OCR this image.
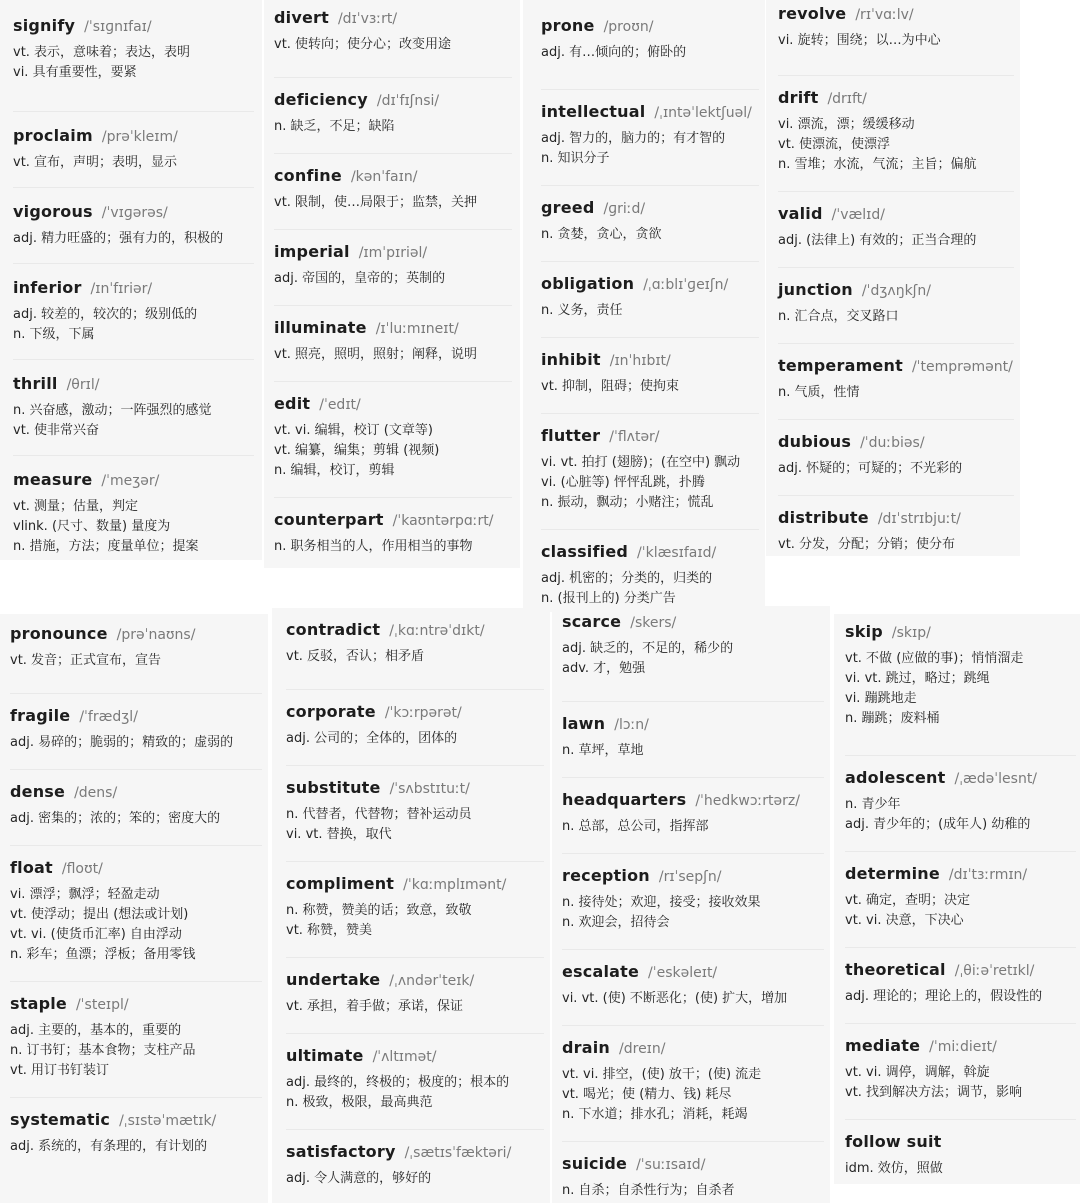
signify /ˈsɪɡnɪfaɪ/
vt. 表示，意味着；表达，表明
vi. 具有重要性，要紧
proclaim /prəˈkleɪm/
vt. 宣布，声明；表明，显示
vigorous /ˈvɪɡərəs/
adj. 精力旺盛的；强有力的，积极的
inferior /ɪnˈfɪriər/
adj. 较差的，较次的；级别低的
n. 下级，下属
thrill /θrɪl/
n. 兴奋感，激动；一阵强烈的感觉
vt. 使非常兴奋
measure /ˈmeʒər/
vt. 测量；估量，判定
vlink. (尺寸、数量) 量度为
n. 措施，方法；度量单位；提案
divert /dɪˈvɜːrt/
vt. 使转向；使分心；改变用途
deficiency /dɪˈfɪʃnsi/
n. 缺乏，不足；缺陷
confine /kənˈfaɪn/
vt. 限制，使…局限于；监禁，关押
imperial /ɪmˈpɪriəl/
adj. 帝国的，皇帝的；英制的
illuminate /ɪˈluːmɪneɪt/
vt. 照亮，照明，照射；阐释，说明
edit /ˈedɪt/
vt. vi. 编辑，校订 (文章等)
vt. 编纂，编集；剪辑 (视频)
n. 编辑，校订，剪辑
counterpart /ˈkaʊntərpɑːrt/
n. 职务相当的人，作用相当的事物
prone /proʊn/
adj. 有…倾向的；俯卧的
intellectual /ˌɪntəˈlektʃuəl/
adj. 智力的，脑力的；有才智的
n. 知识分子
greed /ɡriːd/
n. 贪婪，贪心，贪欲
obligation /ˌɑːblɪˈɡeɪʃn/
n. 义务，责任
inhibit /ɪnˈhɪbɪt/
vt. 抑制，阻碍；使拘束
flutter /ˈflʌtər/
vi. vt. 拍打 (翅膀)；(在空中) 飘动
vi. (心脏等) 怦怦乱跳，扑腾
n. 振动，飘动；小赌注；慌乱
classified /ˈklæsɪfaɪd/
adj. 机密的；分类的，归类的
n. (报刊上的) 分类广告
revolve /rɪˈvɑːlv/
vi. 旋转；围绕；以…为中心
drift /drɪft/
vi. 漂流，漂；缓缓移动
vt. 使漂流，使漂浮
n. 雪堆；水流，气流；主旨；偏航
valid /ˈvælɪd/
adj. (法律上) 有效的；正当合理的
junction /ˈdʒʌŋkʃn/
n. 汇合点，交叉路口
temperament /ˈtemprəmənt/
n. 气质，性情
dubious /ˈduːbiəs/
adj. 怀疑的；可疑的；不光彩的
distribute /dɪˈstrɪbjuːt/
vt. 分发，分配；分销；使分布
pronounce /prəˈnaʊns/
vt. 发音；正式宣布，宣告
fragile /ˈfrædʒl/
adj. 易碎的；脆弱的；精致的；虚弱的
dense /dens/
adj. 密集的；浓的；笨的；密度大的
float /floʊt/
vi. 漂浮；飘浮；轻盈走动
vt. 使浮动；提出 (想法或计划)
vt. vi. (使货币汇率) 自由浮动
n. 彩车；鱼漂；浮板；备用零钱
staple /ˈsteɪpl/
adj. 主要的，基本的，重要的
n. 订书钉；基本食物；支柱产品
vt. 用订书钉装订
systematic /ˌsɪstəˈmætɪk/
adj. 系统的，有条理的，有计划的
contradict /ˌkɑːntrəˈdɪkt/
vt. 反驳，否认；相矛盾
corporate /ˈkɔːrpərət/
adj. 公司的；全体的，团体的
substitute /ˈsʌbstɪtuːt/
n. 代替者，代替物；替补运动员
vi. vt. 替换，取代
compliment /ˈkɑːmplɪmənt/
n. 称赞，赞美的话；致意，致敬
vt. 称赞，赞美
undertake /ˌʌndərˈteɪk/
vt. 承担，着手做；承诺，保证
ultimate /ˈʌltɪmət/
adj. 最终的，终极的；极度的；根本的
n. 极致，极限，最高典范
satisfactory /ˌsætɪsˈfæktəri/
adj. 令人满意的，够好的
scarce /skers/
adj. 缺乏的，不足的，稀少的
adv. 才，勉强
lawn /lɔːn/
n. 草坪，草地
headquarters /ˈhedkwɔːrtərz/
n. 总部，总公司，指挥部
reception /rɪˈsepʃn/
n. 接待处；欢迎，接受；接收效果
n. 欢迎会，招待会
escalate /ˈeskəleɪt/
vi. vt. (使) 不断恶化；(使) 扩大，增加
drain /dreɪn/
vt. vi. 排空，(使) 放干；(使) 流走
vt. 喝光；使 (精力、钱) 耗尽
n. 下水道；排水孔；消耗，耗竭
suicide /ˈsuːɪsaɪd/
n. 自杀；自杀性行为；自杀者
skip /skɪp/
vt. 不做 (应做的事)；悄悄溜走
vi. vt. 跳过，略过；跳绳
vi. 蹦跳地走
n. 蹦跳；废料桶
adolescent /ˌædəˈlesnt/
n. 青少年
adj. 青少年的；(成年人) 幼稚的
determine /dɪˈtɜːrmɪn/
vt. 确定，查明；决定
vt. vi. 决意，下决心
theoretical /ˌθiːəˈretɪkl/
adj. 理论的；理论上的，假设性的
mediate /ˈmiːdieɪt/
vt. vi. 调停，调解，斡旋
vt. 找到解决方法；调节，影响
follow suit
idm. 效仿，照做
